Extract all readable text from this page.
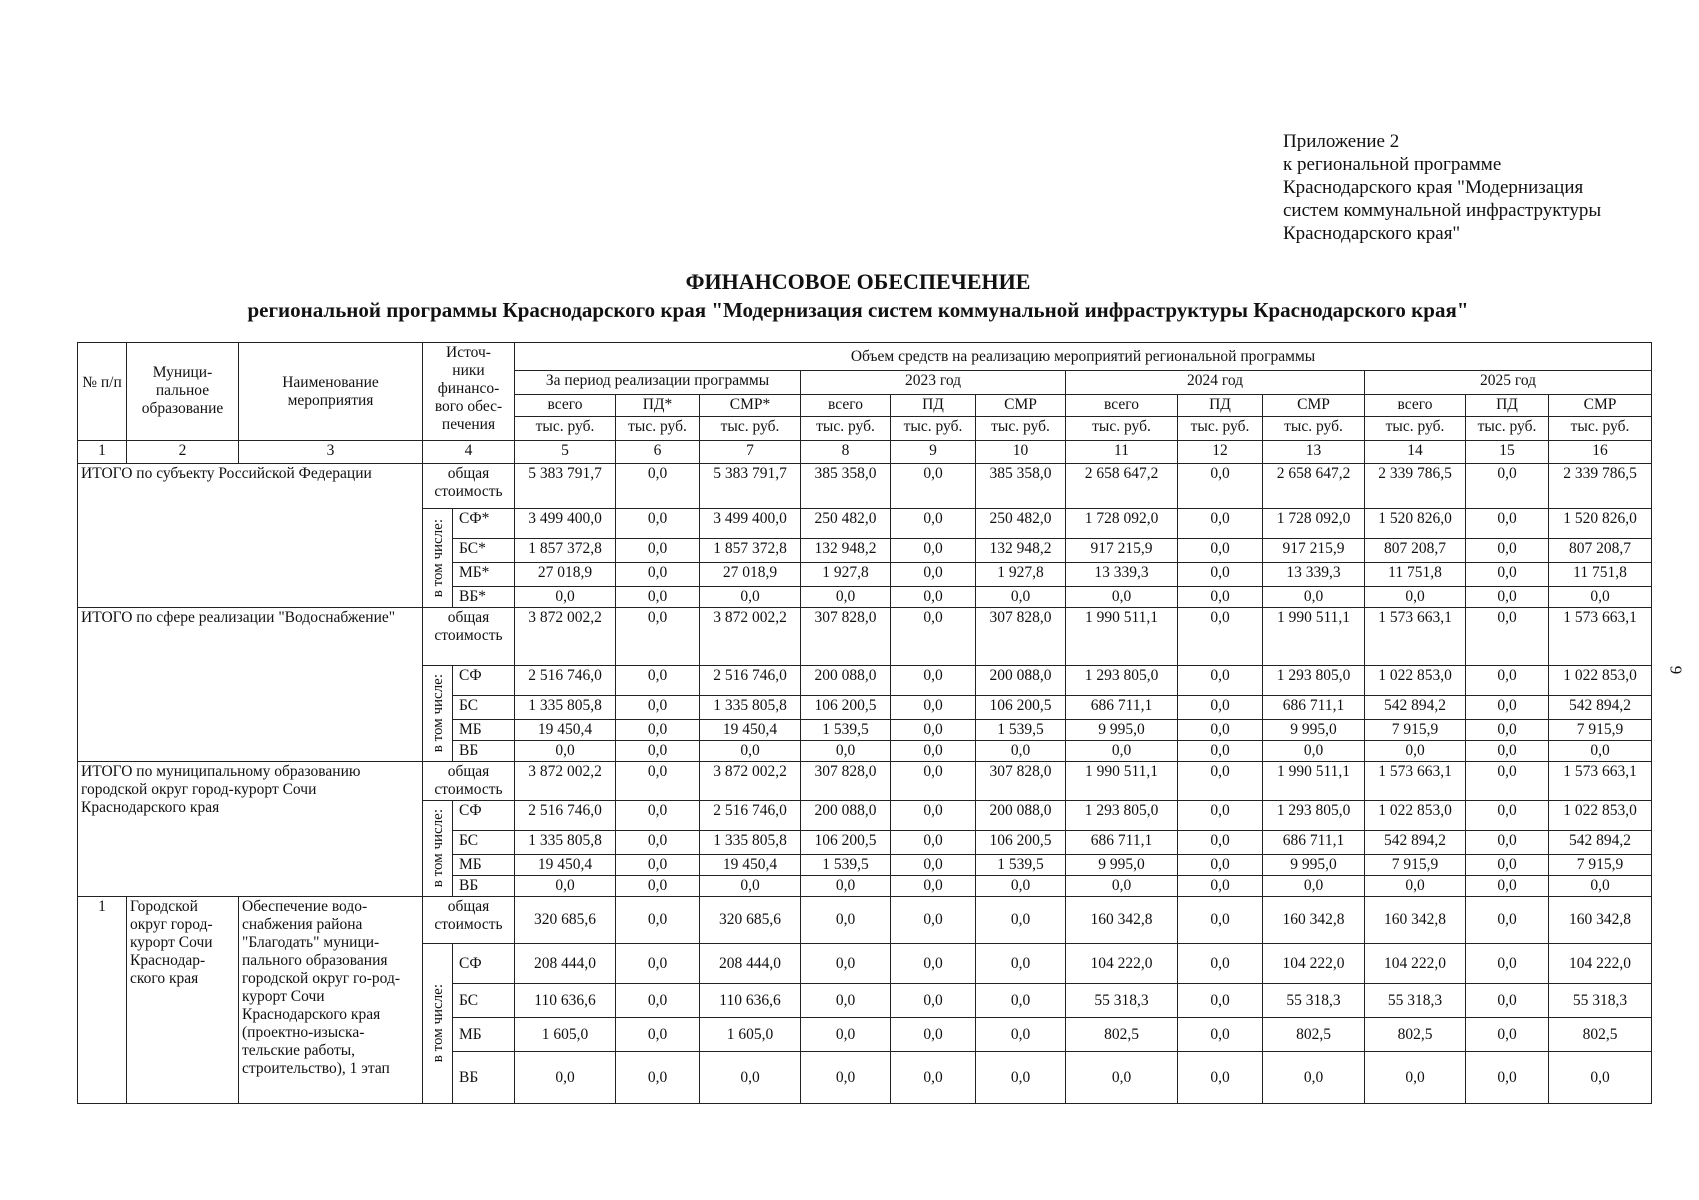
Приложение 2
к региональной программе
Краснодарского края "Модернизация
систем коммунальной инфраструктуры
Краснодарского края"
ФИНАНСОВОЕ ОБЕСПЕЧЕНИЕ
региональной программы Краснодарского края "Модернизация систем коммунальной инфраструктуры Краснодарского края"
9
№ п/п	Муници-пальное образование	Наименование мероприятия	Источ-ники финансо-вого обес-печения		Объем средств на реализацию мероприятий региональной программы											
					За период реализации программы			2023 год			2024 год			2025 год		
					всего	ПД*	СМР*	всего	ПД	СМР	всего	ПД	СМР	всего	ПД	СМР
					тыс. руб.	тыс. руб.	тыс. руб.	тыс. руб.	тыс. руб.	тыс. руб.	тыс. руб.	тыс. руб.	тыс. руб.	тыс. руб.	тыс. руб.	тыс. руб.
1	2	3	4		5	6	7	8	9	10	11	12	13	14	15	16
ИТОГО по субъекту Российской Федерации			общая стоимость		5 383 791,7	0,0	5 383 791,7	385 358,0	0,0	385 358,0	2 658 647,2	0,0	2 658 647,2	2 339 786,5	0,0	2 339 786,5

			в том числе:	СФ*	3 499 400,0	0,0	3 499 400,0	250 482,0	0,0	250 482,0	1 728 092,0	0,0	1 728 092,0	1 520 826,0	0,0	1 520 826,0
				БС*	1 857 372,8	0,0	1 857 372,8	132 948,2	0,0	132 948,2	917 215,9	0,0	917 215,9	807 208,7	0,0	807 208,7
				МБ*	27 018,9	0,0	27 018,9	1 927,8	0,0	1 927,8	13 339,3	0,0	13 339,3	11 751,8	0,0	11 751,8
				ВБ*	0,0	0,0	0,0	0,0	0,0	0,0	0,0	0,0	0,0	0,0	0,0	0,0
ИТОГО по сфере реализации "Водоснабжение"			общая стоимость		3 872 002,2	0,0	3 872 002,2	307 828,0	0,0	307 828,0	1 990 511,1	0,0	1 990 511,1	1 573 663,1	0,0	1 573 663,1

			в том числе:	СФ	2 516 746,0	0,0	2 516 746,0	200 088,0	0,0	200 088,0	1 293 805,0	0,0	1 293 805,0	1 022 853,0	0,0	1 022 853,0
				БС	1 335 805,8	0,0	1 335 805,8	106 200,5	0,0	106 200,5	686 711,1	0,0	686 711,1	542 894,2	0,0	542 894,2
				МБ	19 450,4	0,0	19 450,4	1 539,5	0,0	1 539,5	9 995,0	0,0	9 995,0	7 915,9	0,0	7 915,9
				ВБ	0,0	0,0	0,0	0,0	0,0	0,0	0,0	0,0	0,0	0,0	0,0	0,0
ИТОГО по муниципальному образованию городской округ город-курорт Сочи Краснодарского края			общая стоимость		3 872 002,2	0,0	3 872 002,2	307 828,0	0,0	307 828,0	1 990 511,1	0,0	1 990 511,1	1 573 663,1	0,0	1 573 663,1

			в том числе:	СФ	2 516 746,0	0,0	2 516 746,0	200 088,0	0,0	200 088,0	1 293 805,0	0,0	1 293 805,0	1 022 853,0	0,0	1 022 853,0
				БС	1 335 805,8	0,0	1 335 805,8	106 200,5	0,0	106 200,5	686 711,1	0,0	686 711,1	542 894,2	0,0	542 894,2
				МБ	19 450,4	0,0	19 450,4	1 539,5	0,0	1 539,5	9 995,0	0,0	9 995,0	7 915,9	0,0	7 915,9
				ВБ	0,0	0,0	0,0	0,0	0,0	0,0	0,0	0,0	0,0	0,0	0,0	0,0
1	Городской округ город-курорт Сочи Краснодар-ского края	Обеспечение водо-снабжения района "Благодать" муници-пального образования городской округ го-род-курорт Сочи Краснодарского края (проектно-изыска-тельские работы, строительство), 1 этап	общая стоимость		320 685,6	0,0	320 685,6	0,0	0,0	0,0	160 342,8	0,0	160 342,8	160 342,8	0,0	160 342,8

			в том числе:	СФ	208 444,0	0,0	208 444,0	0,0	0,0	0,0	104 222,0	0,0	104 222,0	104 222,0	0,0	104 222,0
				БС	110 636,6	0,0	110 636,6	0,0	0,0	0,0	55 318,3	0,0	55 318,3	55 318,3	0,0	55 318,3
				МБ	1 605,0	0,0	1 605,0	0,0	0,0	0,0	802,5	0,0	802,5	802,5	0,0	802,5
				ВБ	0,0	0,0	0,0	0,0	0,0	0,0	0,0	0,0	0,0	0,0	0,0	0,0
